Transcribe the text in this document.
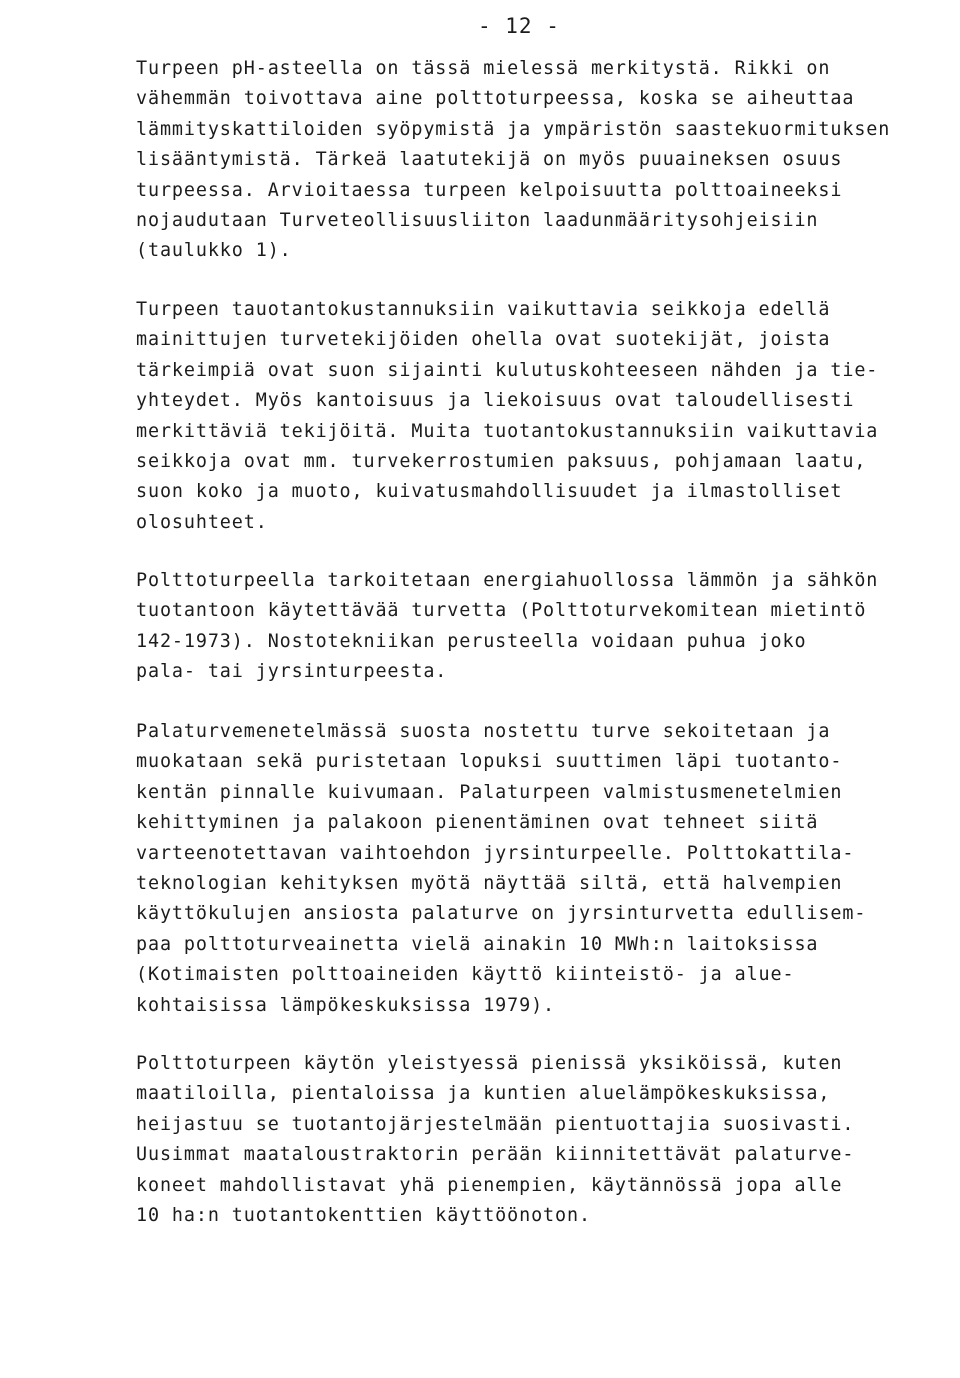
- 12 -
Turpeen pH-asteella on tässä mielessä merkitystä. Rikki on
vähemmän toivottava aine polttoturpeessa, koska se aiheuttaa
lämmityskattiloiden syöpymistä ja ympäristön saastekuormituksen
lisääntymistä. Tärkeä laatutekijä on myös puuaineksen osuus
turpeessa. Arvioitaessa turpeen kelpoisuutta polttoaineeksi
nojaudutaan Turveteollisuusliiton laadunmääritysohjeisiin
(taulukko 1).
Turpeen tauotantokustannuksiin vaikuttavia seikkoja edellä
mainittujen turvetekijöiden ohella ovat suotekijät, joista
tärkeimpiä ovat suon sijainti kulutuskohteeseen nähden ja tie-
yhteydet. Myös kantoisuus ja liekoisuus ovat taloudellisesti
merkittäviä tekijöitä. Muita tuotantokustannuksiin vaikuttavia
seikkoja ovat mm. turvekerrostumien paksuus, pohjamaan laatu,
suon koko ja muoto, kuivatusmahdollisuudet ja ilmastolliset
olosuhteet.
Polttoturpeella tarkoitetaan energiahuollossa lämmön ja sähkön
tuotantoon käytettävää turvetta (Polttoturvekomitean mietintö
142-1973). Nostotekniikan perusteella voidaan puhua joko
pala- tai jyrsinturpeesta.
Palaturvemenetelmässä suosta nostettu turve sekoitetaan ja
muokataan sekä puristetaan lopuksi suuttimen läpi tuotanto-
kentän pinnalle kuivumaan. Palaturpeen valmistusmenetelmien
kehittyminen ja palakoon pienentäminen ovat tehneet siitä
varteenotettavan vaihtoehdon jyrsinturpeelle. Polttokattila-
teknologian kehityksen myötä näyttää siltä, että halvempien
käyttökulujen ansiosta palaturve on jyrsinturvetta edullisem-
paa polttoturveainetta vielä ainakin 10 MWh:n laitoksissa
(Kotimaisten polttoaineiden käyttö kiinteistö- ja alue-
kohtaisissa lämpökeskuksissa 1979).
Polttoturpeen käytön yleistyessä pienissä yksiköissä, kuten
maatiloilla, pientaloissa ja kuntien aluelämpökeskuksissa,
heijastuu se tuotantojärjestelmään pientuottajia suosivasti.
Uusimmat maataloustraktorin perään kiinnitettävät palaturve-
koneet mahdollistavat yhä pienempien, käytännössä jopa alle
10 ha:n tuotantokenttien käyttöönoton.
